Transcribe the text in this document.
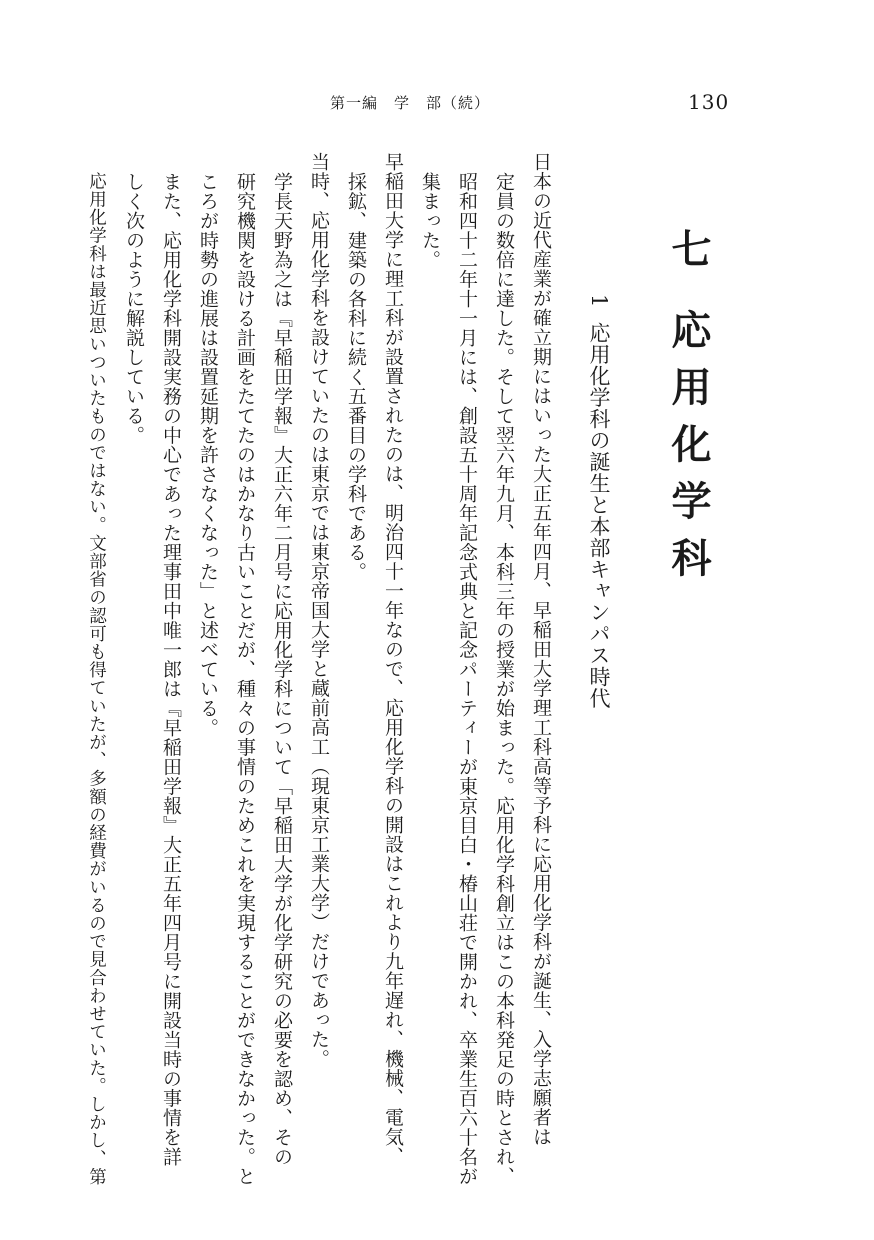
第一編　学　部（続）	130
七応用化学科
1応用化学科の誕生と本部キャンパス時代
日本の近代産業が確立期にはいった大正五年四月、早稲田大学理工科高等予科に応用化学科が誕生、入学志願者は
定員の数倍に達した。そして翌六年九月、本科三年の授業が始まった。応用化学科創立はこの本科発足の時とされ、
昭和四十二年十一月には、創設五十周年記念式典と記念パーティーが東京目白・椿山荘で開かれ、卒業生百六十名が
集まった。
早稲田大学に理工科が設置されたのは、明治四十一年なので、応用化学科の開設はこれより九年遅れ、機械、電気、
採鉱、建築の各科に続く五番目の学科である。
当時、応用化学科を設けていたのは東京では東京帝国大学と蔵前高工（現東京工業大学）だけであった。
学長天野為之は『早稲田学報』大正六年二月号に応用化学科について「早稲田大学が化学研究の必要を認め、その
研究機関を設ける計画をたてたのはかなり古いことだが、種々の事情のためこれを実現することができなかった。と
ころが時勢の進展は設置延期を許さなくなった」と述べている。
また、応用化学科開設実務の中心であった理事田中唯一郎は『早稲田学報』大正五年四月号に開設当時の事情を詳
しく次のように解説している。
応用化学科は最近思いついたものではない。文部省の認可も得ていたが、多額の経費がいるので見合わせていた。しかし、第
